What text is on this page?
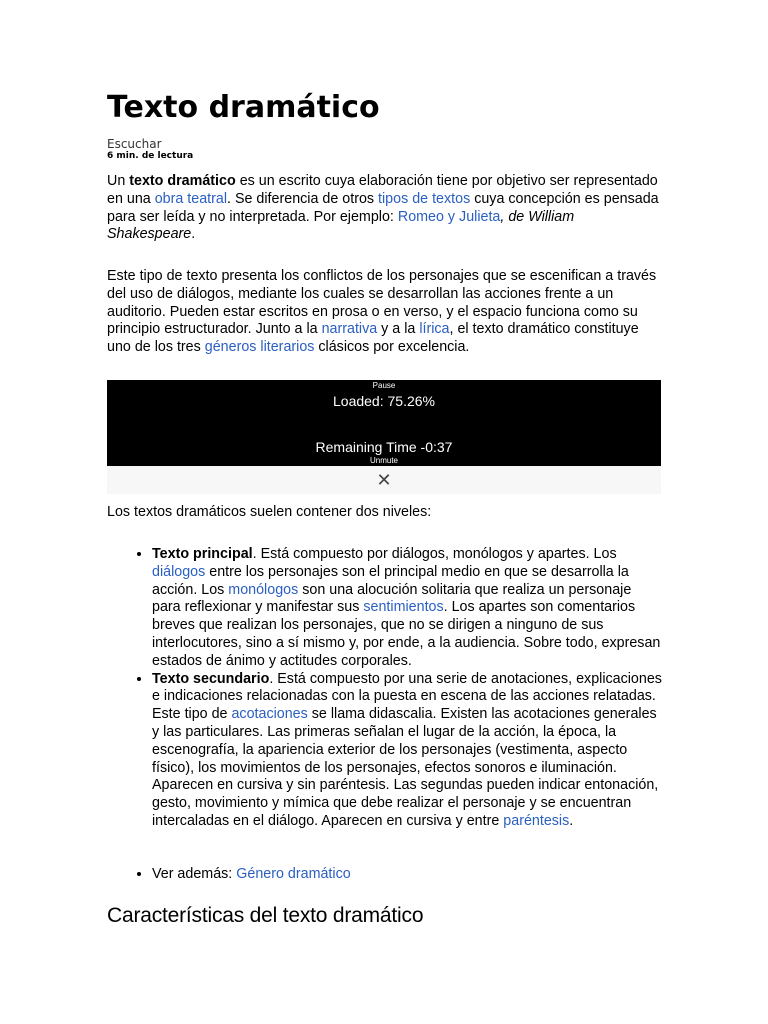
Texto dramático
Escuchar
6 min. de lectura

Un texto dramático es un escrito cuya elaboración tiene por objetivo ser representado en una obra teatral. Se diferencia de otros tipos de textos cuya concepción es pensada para ser leída y no interpretada. Por ejemplo: Romeo y Julieta, de William Shakespeare.

Este tipo de texto presenta los conflictos de los personajes que se escenifican a través del uso de diálogos, mediante los cuales se desarrollan las acciones frente a un auditorio. Pueden estar escritos en prosa o en verso, y el espacio funciona como su principio estructurador. Junto a la narrativa y a la lírica, el texto dramático constituye uno de los tres géneros literarios clásicos por excelencia.

Pause
Loaded: 75.26%
Remaining Time -0:37
Unmute
✕

Los textos dramáticos suelen contener dos niveles:

• Texto principal. Está compuesto por diálogos, monólogos y apartes. Los diálogos entre los personajes son el principal medio en que se desarrolla la acción. Los monólogos son una alocución solitaria que realiza un personaje para reflexionar y manifestar sus sentimientos. Los apartes son comentarios breves que realizan los personajes, que no se dirigen a ninguno de sus interlocutores, sino a sí mismo y, por ende, a la audiencia. Sobre todo, expresan estados de ánimo y actitudes corporales.
• Texto secundario. Está compuesto por una serie de anotaciones, explicaciones e indicaciones relacionadas con la puesta en escena de las acciones relatadas. Este tipo de acotaciones se llama didascalia. Existen las acotaciones generales y las particulares. Las primeras señalan el lugar de la acción, la época, la escenografía, la apariencia exterior de los personajes (vestimenta, aspecto físico), los movimientos de los personajes, efectos sonoros e iluminación. Aparecen en cursiva y sin paréntesis. Las segundas pueden indicar entonación, gesto, movimiento y mímica que debe realizar el personaje y se encuentran intercaladas en el diálogo. Aparecen en cursiva y entre paréntesis.
• Ver además: Género dramático
Características del texto dramático
